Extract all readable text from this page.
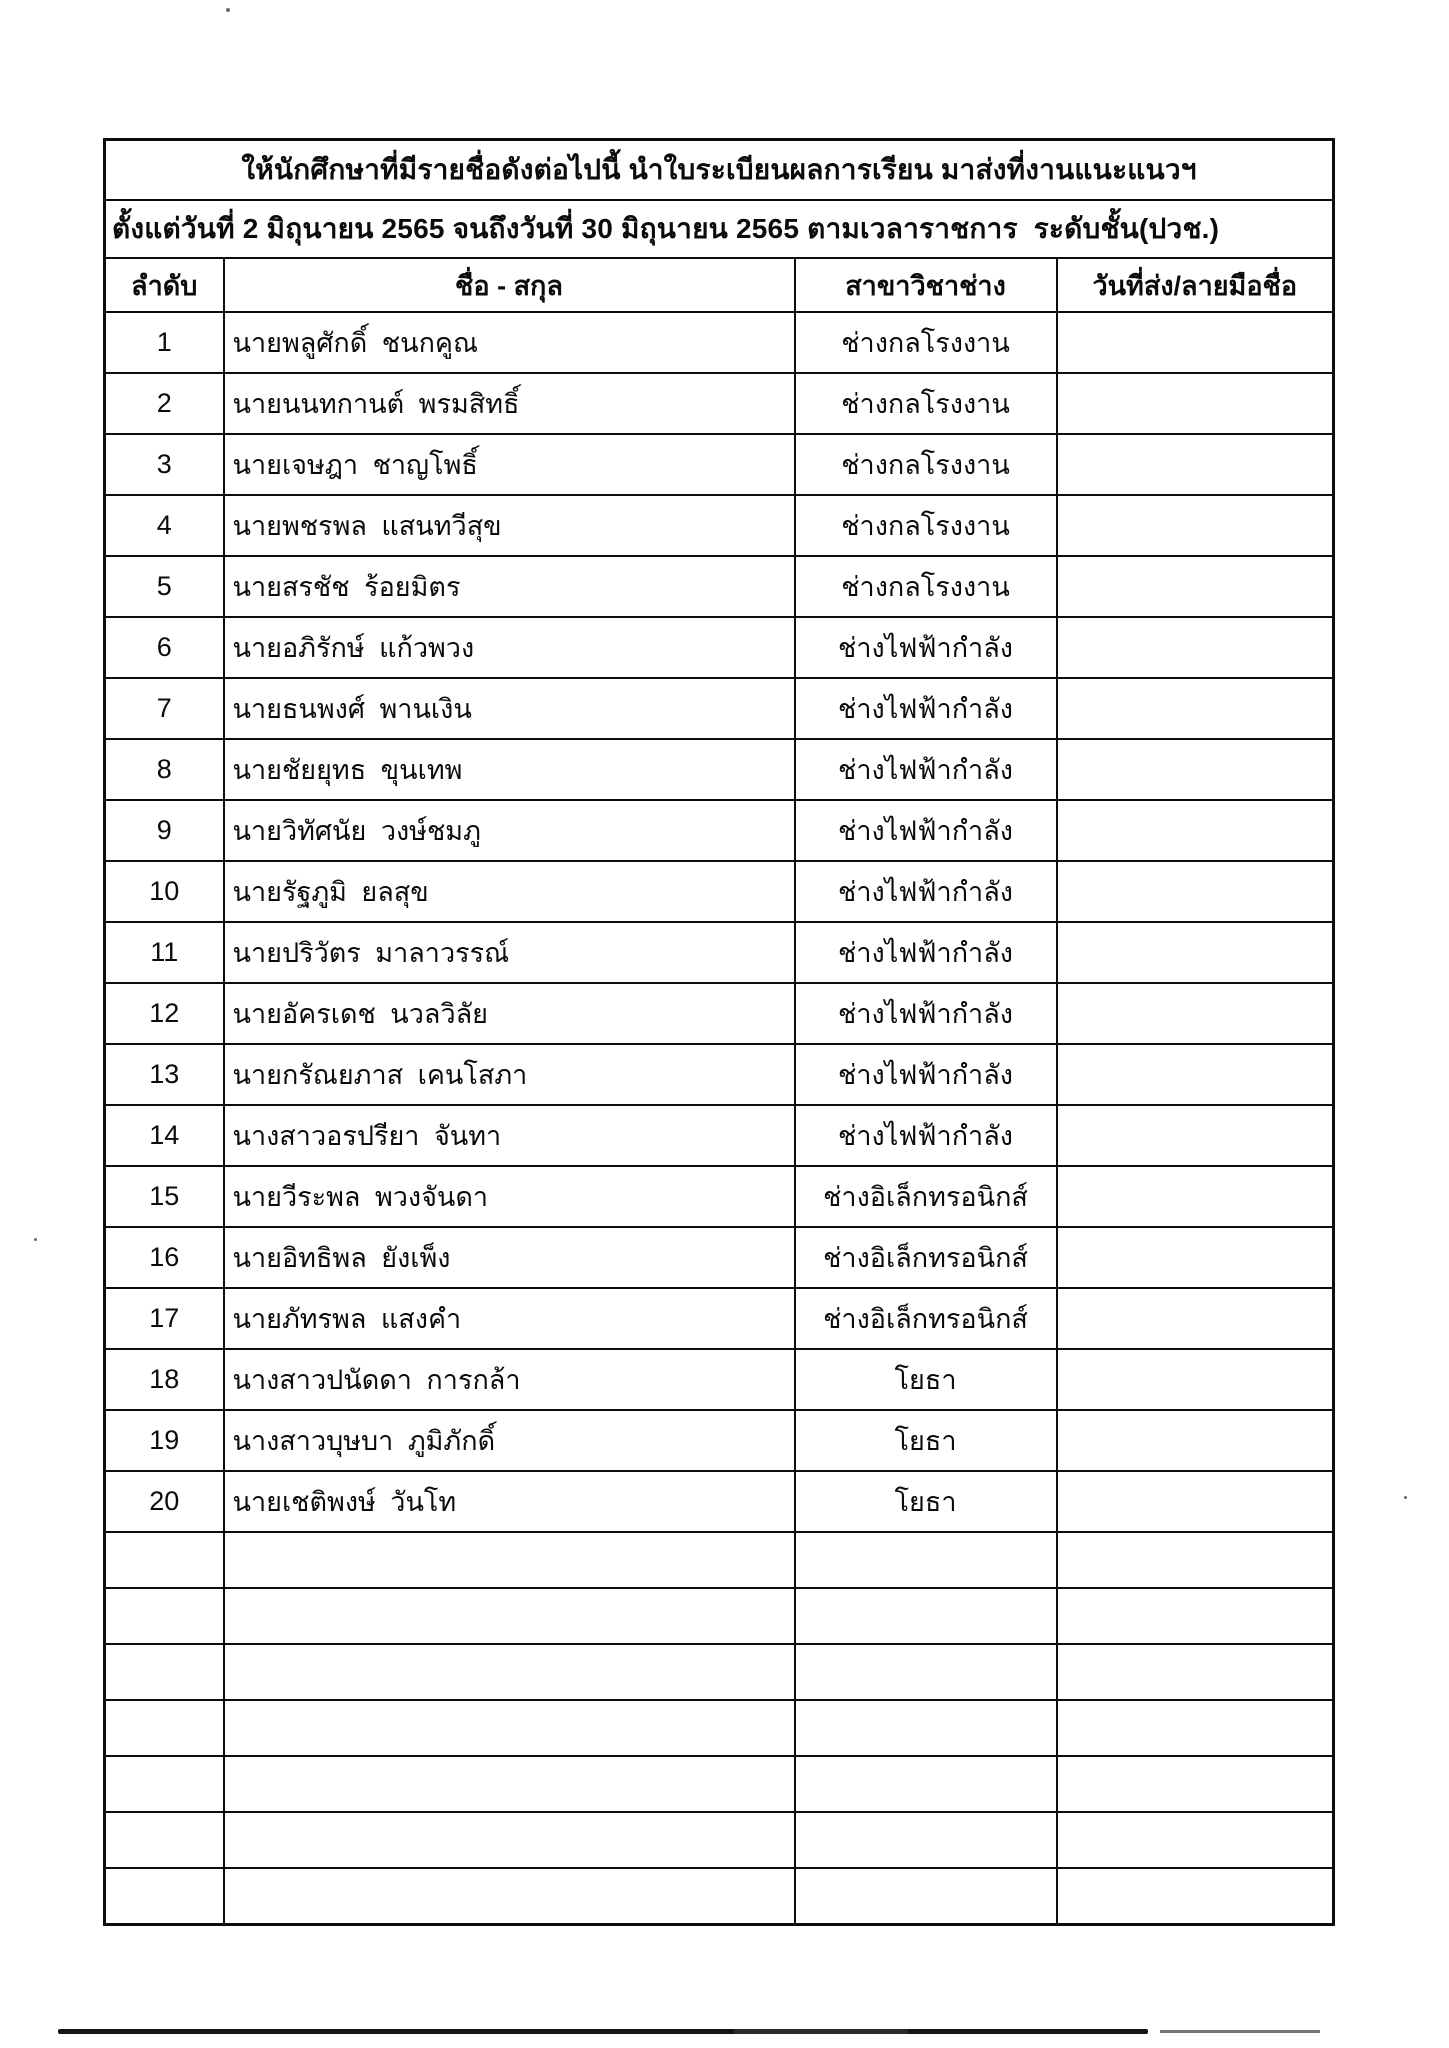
ให้นักศึกษาที่มีรายชื่อดังต่อไปนี้ นำใบระเบียนผลการเรียน มาส่งที่งานแนะแนวฯ			
ตั้งแต่วันที่ 2 มิถุนายน 2565 จนถึงวันที่ 30 มิถุนายน 2565 ตามเวลาราชการ  ระดับชั้น(ปวช.)			
ลำดับ	ชื่อ - สกุล	สาขาวิชาช่าง	วันที่ส่ง/ลายมือชื่อ
1	นายพลูศักดิ์ ชนกคูณ	ช่างกลโรงงาน	
2	นายนนทกานต์ พรมสิทธิ์	ช่างกลโรงงาน	
3	นายเจษฎา ชาญโพธิ์	ช่างกลโรงงาน	
4	นายพชรพล แสนทวีสุข	ช่างกลโรงงาน	
5	นายสรชัช ร้อยมิตร	ช่างกลโรงงาน	
6	นายอภิรักษ์ แก้วพวง	ช่างไฟฟ้ากำลัง	
7	นายธนพงศ์ พานเงิน	ช่างไฟฟ้ากำลัง	
8	นายชัยยุทธ ขุนเทพ	ช่างไฟฟ้ากำลัง	
9	นายวิทัศนัย วงษ์ชมภู	ช่างไฟฟ้ากำลัง	
10	นายรัฐภูมิ ยลสุข	ช่างไฟฟ้ากำลัง	
11	นายปริวัตร มาลาวรรณ์	ช่างไฟฟ้ากำลัง	
12	นายอัครเดช นวลวิลัย	ช่างไฟฟ้ากำลัง	
13	นายกรัณยภาส เคนโสภา	ช่างไฟฟ้ากำลัง	
14	นางสาวอรปรียา จันทา	ช่างไฟฟ้ากำลัง	
15	นายวีระพล พวงจันดา	ช่างอิเล็กทรอนิกส์	
16	นายอิทธิพล ยังเพ็ง	ช่างอิเล็กทรอนิกส์	
17	นายภัทรพล แสงคำ	ช่างอิเล็กทรอนิกส์	
18	นางสาวปนัดดา การกล้า	โยธา	
19	นางสาวบุษบา ภูมิภักดิ์	โยธา	
20	นายเชติพงษ์ วันโท	โยธา	
